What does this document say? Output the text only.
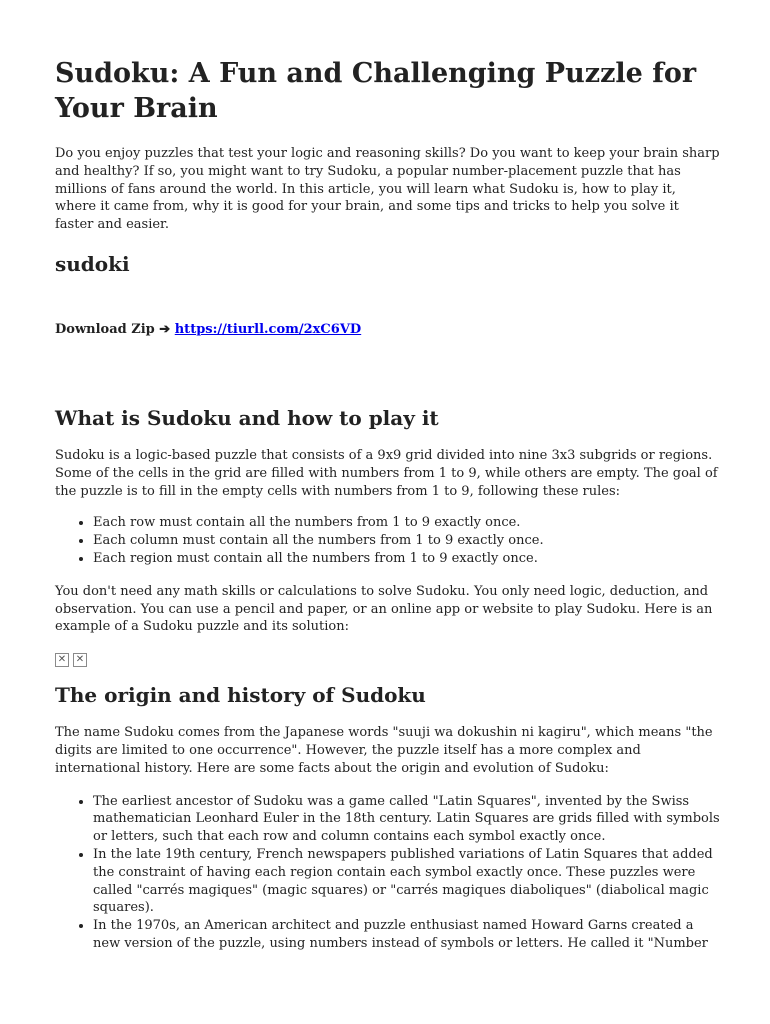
Sudoku: A Fun and Challenging Puzzle for Your Brain

Do you enjoy puzzles that test your logic and reasoning skills? Do you want to keep your brain sharp and healthy? If so, you might want to try Sudoku, a popular number-placement puzzle that has millions of fans around the world. In this article, you will learn what Sudoku is, how to play it, where it came from, why it is good for your brain, and some tips and tricks to help you solve it faster and easier.

sudoki
Download Zip ➔ https://tiurll.com/2xC6VD
What is Sudoku and how to play it

Sudoku is a logic-based puzzle that consists of a 9x9 grid divided into nine 3x3 subgrids or regions. Some of the cells in the grid are filled with numbers from 1 to 9, while others are empty. The goal of the puzzle is to fill in the empty cells with numbers from 1 to 9, following these rules:

• Each row must contain all the numbers from 1 to 9 exactly once.
• Each column must contain all the numbers from 1 to 9 exactly once.
• Each region must contain all the numbers from 1 to 9 exactly once.

You don't need any math skills or calculations to solve Sudoku. You only need logic, deduction, and observation. You can use a pencil and paper, or an online app or website to play Sudoku. Here is an example of a Sudoku puzzle and its solution:

✕ ✕
The origin and history of Sudoku

The name Sudoku comes from the Japanese words "suuji wa dokushin ni kagiru", which means "the digits are limited to one occurrence". However, the puzzle itself has a more complex and international history. Here are some facts about the origin and evolution of Sudoku:

• The earliest ancestor of Sudoku was a game called "Latin Squares", invented by the Swiss mathematician Leonhard Euler in the 18th century. Latin Squares are grids filled with symbols or letters, such that each row and column contains each symbol exactly once.
• In the late 19th century, French newspapers published variations of Latin Squares that added the constraint of having each region contain each symbol exactly once. These puzzles were called "carrés magiques" (magic squares) or "carrés magiques diaboliques" (diabolical magic squares).
• In the 1970s, an American architect and puzzle enthusiast named Howard Garns created a new version of the puzzle, using numbers instead of symbols or letters. He called it "Number
